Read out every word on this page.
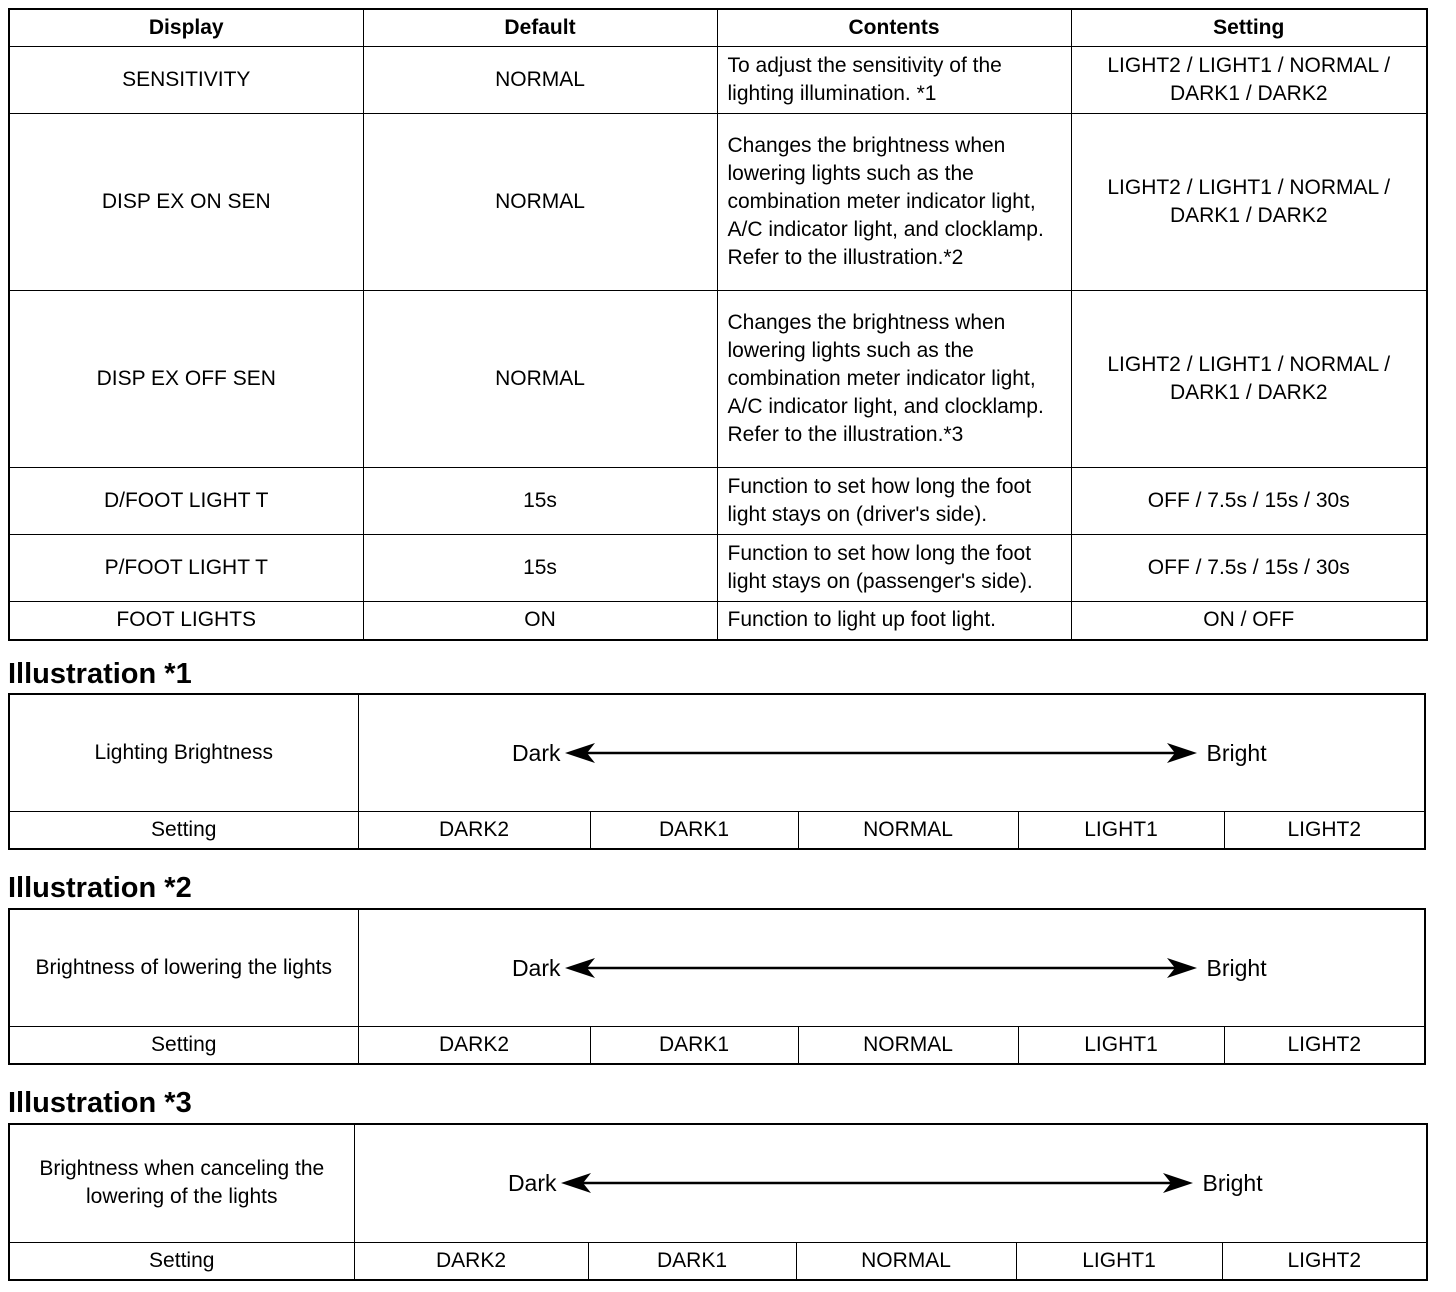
Display	Default	Contents	Setting
SENSITIVITY	NORMAL	To adjust the sensitivity of the lighting illumination. *1	LIGHT2 / LIGHT1 / NORMAL / DARK1 / DARK2
DISP EX ON SEN	NORMAL	Changes the brightness when lowering lights such as the combination meter indicator light, A/C indicator light, and clocklamp. Refer to the illustration.*2	LIGHT2 / LIGHT1 / NORMAL / DARK1 / DARK2
DISP EX OFF SEN	NORMAL	Changes the brightness when lowering lights such as the combination meter indicator light, A/C indicator light, and clocklamp. Refer to the illustration.*3	LIGHT2 / LIGHT1 / NORMAL / DARK1 / DARK2
D/FOOT LIGHT T	15s	Function to set how long the foot light stays on (driver's side).	OFF / 7.5s / 15s / 30s
P/FOOT LIGHT T	15s	Function to set how long the foot light stays on (passenger's side).	OFF / 7.5s / 15s / 30s
FOOT LIGHTS	ON	Function to light up foot light.	ON / OFF
Illustration *1
Lighting Brightness	Dark Bright				

Setting	DARK2	DARK1	NORMAL	LIGHT1	LIGHT2
Illustration *2
Brightness of lowering the lights	Dark Bright				

Setting	DARK2	DARK1	NORMAL	LIGHT1	LIGHT2
Illustration *3
Brightness when canceling the lowering of the lights	Dark Bright				

Setting	DARK2	DARK1	NORMAL	LIGHT1	LIGHT2
